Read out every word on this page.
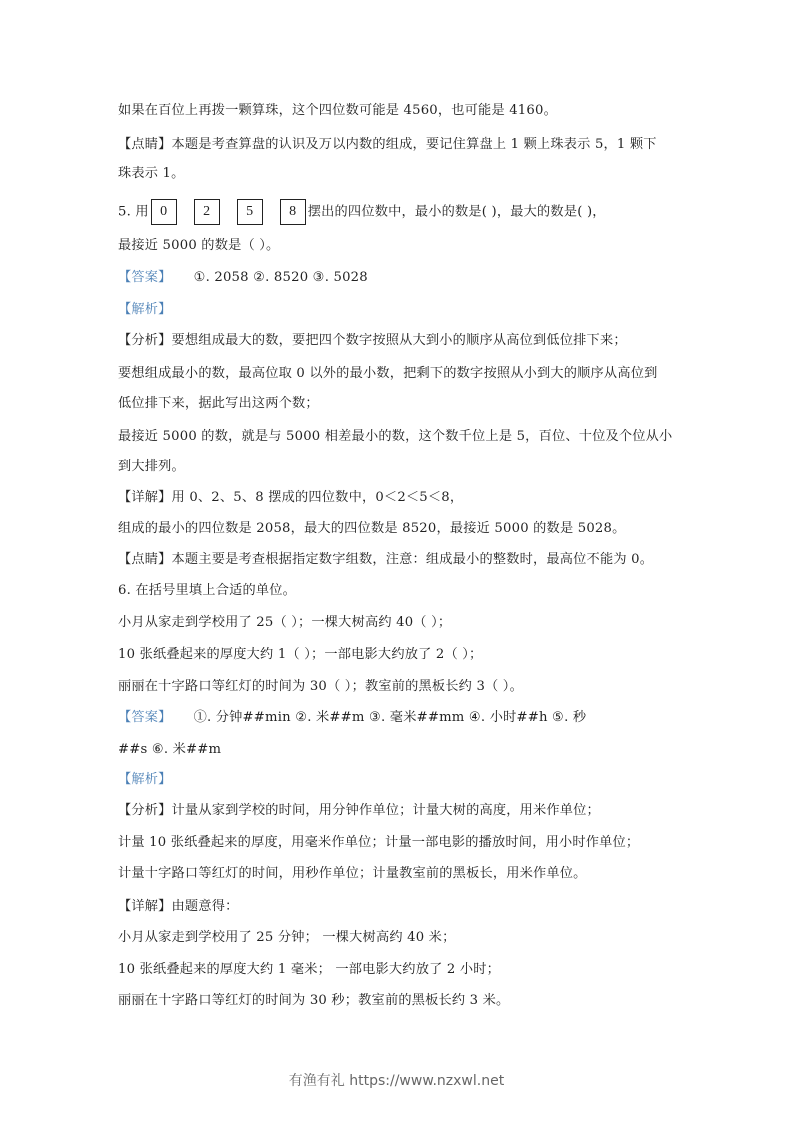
如果在百位上再拨一颗算珠，这个四位数可能是 4560，也可能是 4160。
【点睛】本题是考查算盘的认识及万以内数的组成，要记住算盘上 1 颗上珠表示 5，1 颗下
珠表示 1。
5. 用 0	2	5	8 摆出的四位数中，最小的数是( )，最大的数是( )，
最接近 5000 的数是（ ）。
【答案】 ①. 2058 ②. 8520 ③. 5028
【解析】
【分析】要想组成最大的数，要把四个数字按照从大到小的顺序从高位到低位排下来；
要想组成最小的数，最高位取 0 以外的最小数，把剩下的数字按照从小到大的顺序从高位到
低位排下来，据此写出这两个数；
最接近 5000 的数，就是与 5000 相差最小的数，这个数千位上是 5，百位、十位及个位从小
到大排列。
【详解】用 0、2、5、8 摆成的四位数中，0＜2＜5＜8，
组成的最小的四位数是 2058，最大的四位数是 8520，最接近 5000 的数是 5028。
【点睛】本题主要是考查根据指定数字组数，注意：组成最小的整数时，最高位不能为 0。
6. 在括号里填上合适的单位。
小月从家走到学校用了 25（ ）；一棵大树高约 40（ ）；
10 张纸叠起来的厚度大约 1（ ）；一部电影大约放了 2（ ）；
丽丽在十字路口等红灯的时间为 30（ ）；教室前的黑板长约 3（ ）。
【答案】 ①. 分钟##min ②. 米##m ③. 毫米##mm ④. 小时##h ⑤. 秒
##s ⑥. 米##m
【解析】
【分析】计量从家到学校的时间，用分钟作单位；计量大树的高度，用米作单位；
计量 10 张纸叠起来的厚度，用毫米作单位；计量一部电影的播放时间，用小时作单位；
计量十字路口等红灯的时间，用秒作单位；计量教室前的黑板长，用米作单位。
【详解】由题意得：
小月从家走到学校用了 25 分钟； 一棵大树高约 40 米；
10 张纸叠起来的厚度大约 1 毫米； 一部电影大约放了 2 小时；
丽丽在十字路口等红灯的时间为 30 秒；教室前的黑板长约 3 米。
有渔有礼 https://www.nzxwl.net
